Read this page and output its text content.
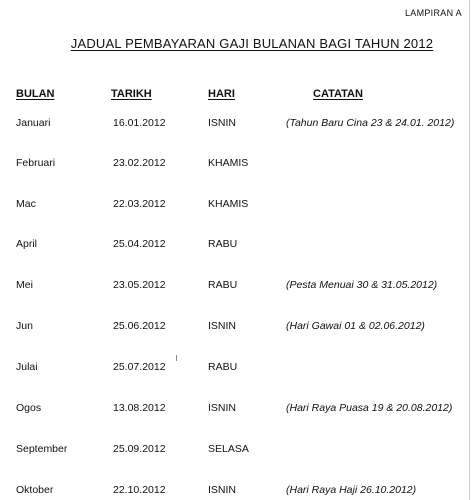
LAMPIRAN A
JADUAL PEMBAYARAN GAJI BULANAN BAGI TAHUN 2012
BULAN	TARIKH	HARI	CATATAN
Januari	16.01.2012	ISNIN	(Tahun Baru Cina 23 & 24.01. 2012)
Februari	23.02.2012	KHAMIS
Mac	22.03.2012	KHAMIS
April	25.04.2012	RABU
Mei	23.05.2012	RABU	(Pesta Menuai 30 & 31.05.2012)
Jun	25.06.2012	ISNIN	(Hari Gawai 01 & 02.06.2012)
Julai	25.07.2012	RABU
Ogos	13.08.2012	ISNIN	(Hari Raya Puasa 19 & 20.08.2012)
September	25.09.2012	SELASA
Oktober	22.10.2012	ISNIN	(Hari Raya Haji 26.10.2012)
